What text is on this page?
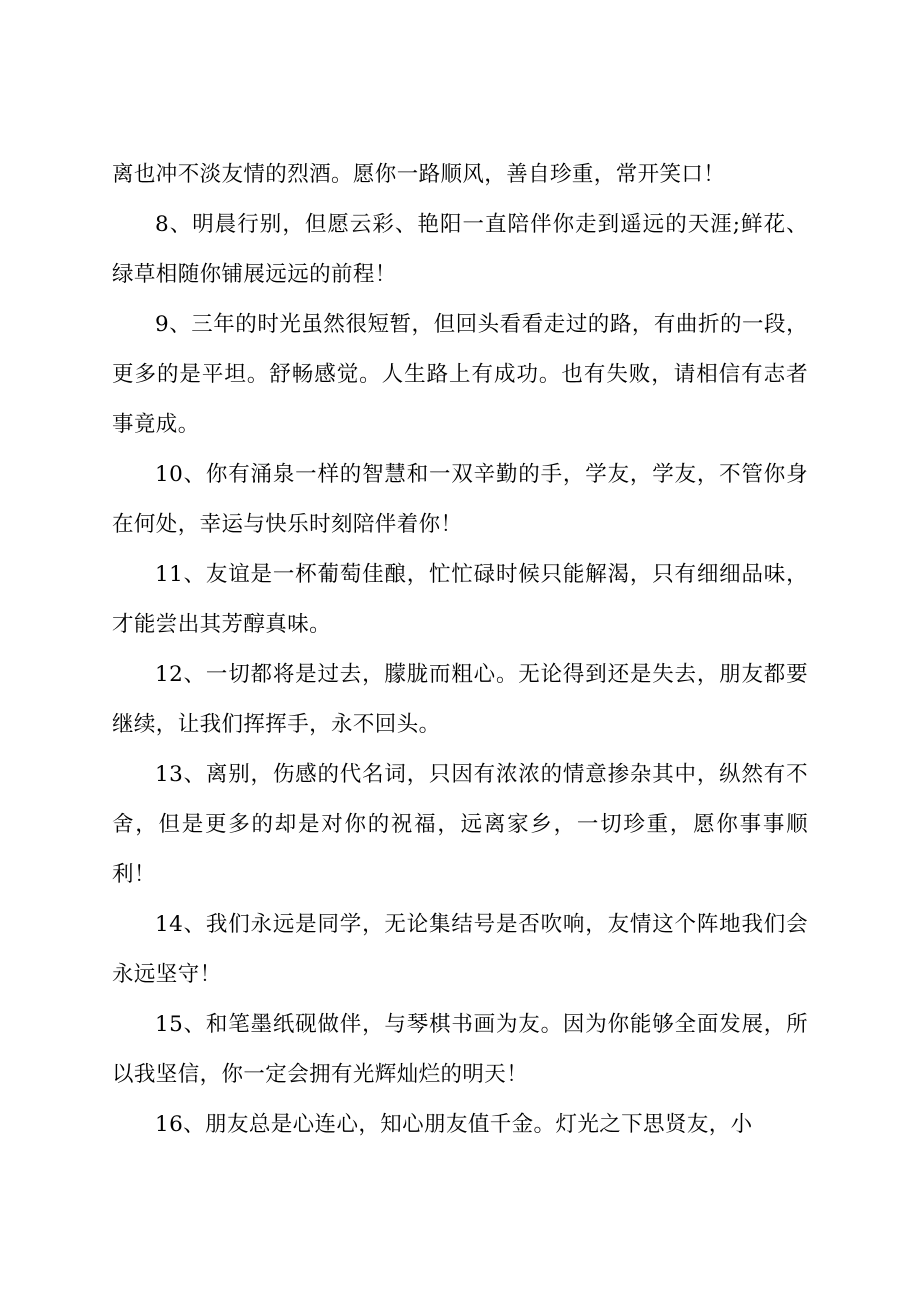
离也冲不淡友情的烈酒。愿你一路顺风，善自珍重，常开笑口！

8、明晨行别，但愿云彩、艳阳一直陪伴你走到遥远的天涯;鲜花、绿草相随你铺展远远的前程！

9、三年的时光虽然很短暂，但回头看看走过的路，有曲折的一段，更多的是平坦。舒畅感觉。人生路上有成功。也有失败，请相信有志者事竟成。

10、你有涌泉一样的智慧和一双辛勤的手，学友，学友，不管你身在何处，幸运与快乐时刻陪伴着你！

11、友谊是一杯葡萄佳酿，忙忙碌时候只能解渴，只有细细品味，才能尝出其芳醇真味。

12、一切都将是过去，朦胧而粗心。无论得到还是失去，朋友都要继续，让我们挥挥手，永不回头。

13、离别，伤感的代名词，只因有浓浓的情意掺杂其中，纵然有不舍，但是更多的却是对你的祝福，远离家乡，一切珍重，愿你事事顺利！

14、我们永远是同学，无论集结号是否吹响，友情这个阵地我们会永远坚守！

15、和笔墨纸砚做伴，与琴棋书画为友。因为你能够全面发展，所以我坚信，你一定会拥有光辉灿烂的明天！

16、朋友总是心连心，知心朋友值千金。灯光之下思贤友，小
